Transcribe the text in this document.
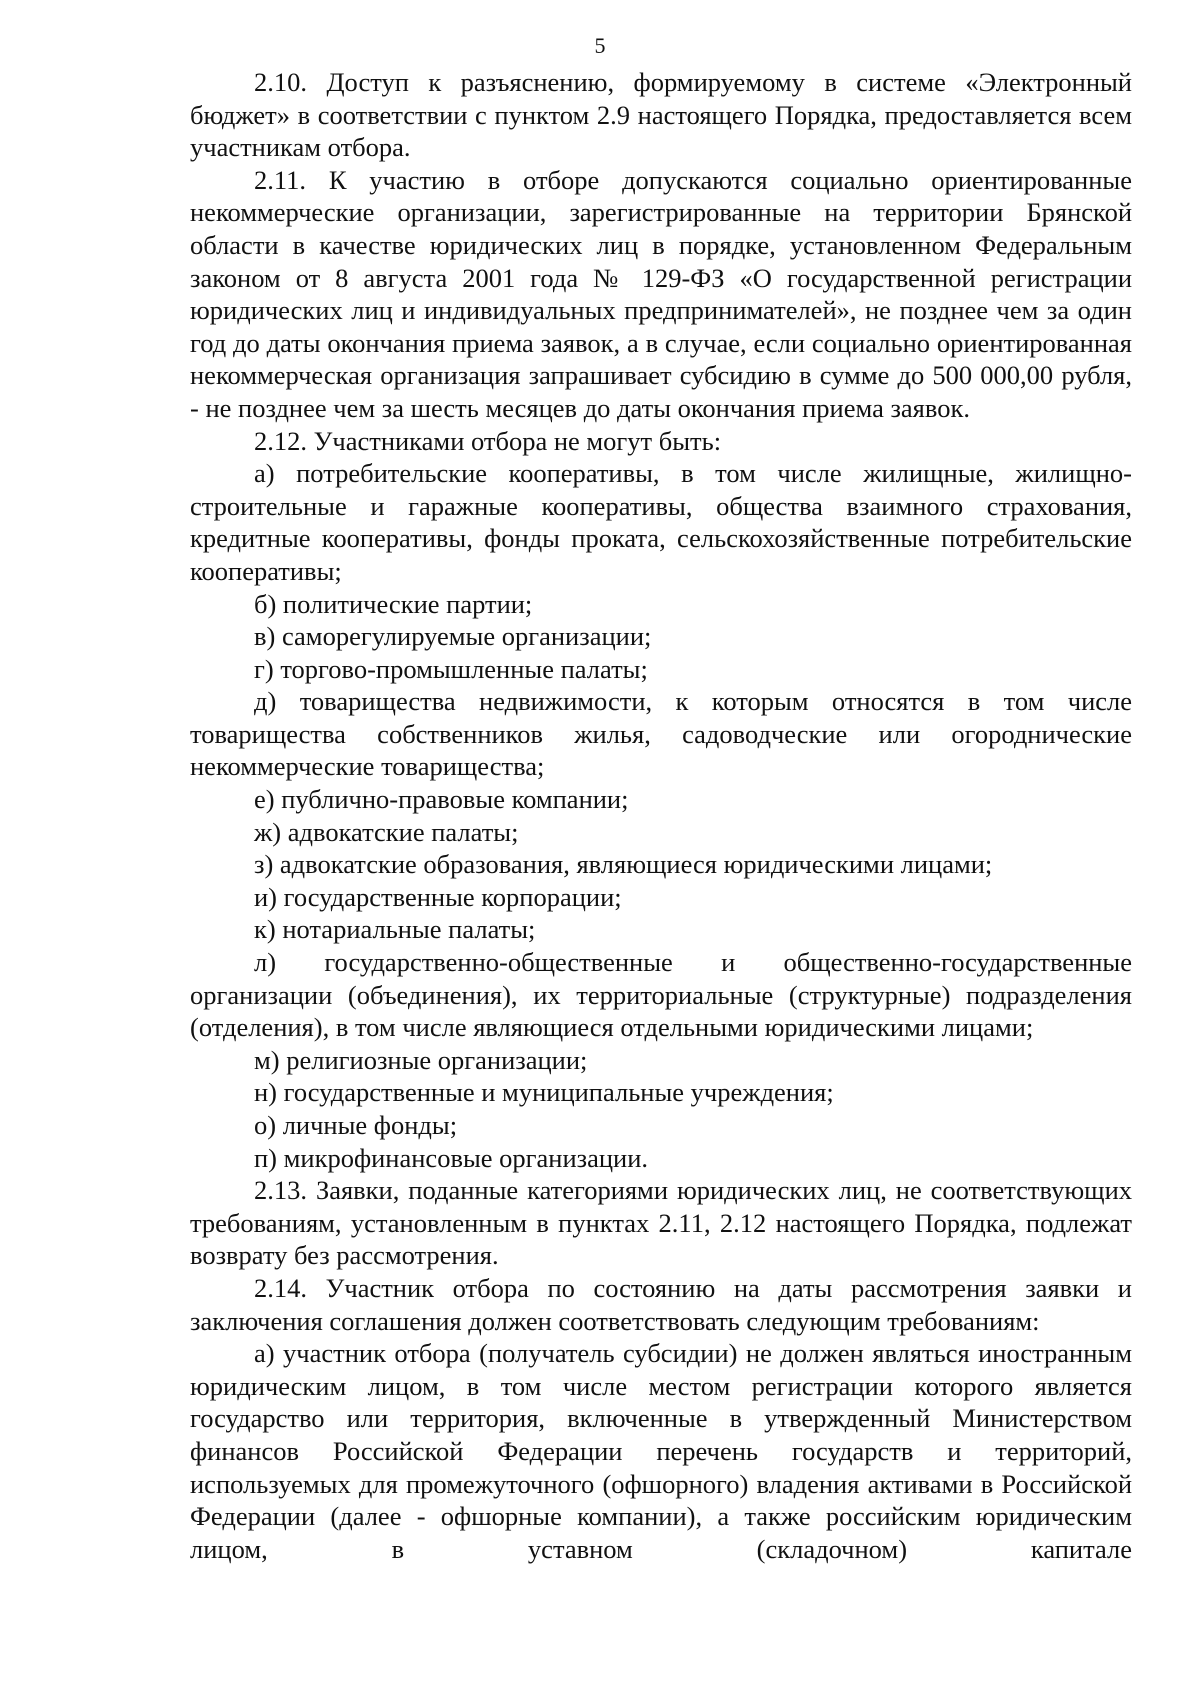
5

2.10. Доступ к разъяснению, формируемому в системе «Электронный бюджет» в соответствии с пунктом 2.9 настоящего Порядка, предоставляется всем участникам отбора.

2.11. К участию в отборе допускаются социально ориентированные некоммерческие организации, зарегистрированные на территории Брянской области в качестве юридических лиц в порядке, установленном Федеральным законом от 8 августа 2001 года № 129-ФЗ «О государственной регистрации юридических лиц и индивидуальных предпринимателей», не позднее чем за один год до даты окончания приема заявок, а в случае, если социально ориентированная некоммерческая организация запрашивает субсидию в сумме до 500 000,00 рубля, - не позднее чем за шесть месяцев до даты окончания приема заявок.

2.12. Участниками отбора не могут быть:

а) потребительские кооперативы, в том числе жилищные, жилищно-строительные и гаражные кооперативы, общества взаимного страхования, кредитные кооперативы, фонды проката, сельскохозяйственные потребительские кооперативы;

б) политические партии;

в) саморегулируемые организации;

г) торгово-промышленные палаты;

д) товарищества недвижимости, к которым относятся в том числе товарищества собственников жилья, садоводческие или огороднические некоммерческие товарищества;

е) публично-правовые компании;

ж) адвокатские палаты;

з) адвокатские образования, являющиеся юридическими лицами;

и) государственные корпорации;

к) нотариальные палаты;

л) государственно-общественные и общественно-государственные организации (объединения), их территориальные (структурные) подразделения (отделения), в том числе являющиеся отдельными юридическими лицами;

м) религиозные организации;

н) государственные и муниципальные учреждения;

о) личные фонды;

п) микрофинансовые организации.

2.13. Заявки, поданные категориями юридических лиц, не соответствующих требованиям, установленным в пунктах 2.11, 2.12 настоящего Порядка, подлежат возврату без рассмотрения.

2.14. Участник отбора по состоянию на даты рассмотрения заявки и заключения соглашения должен соответствовать следующим требованиям:

а) участник отбора (получатель субсидии) не должен являться иностранным юридическим лицом, в том числе местом регистрации которого является государство или территория, включенные в утвержденный Министерством финансов Российской Федерации перечень государств и территорий, используемых для промежуточного (офшорного) владения активами в Российской Федерации (далее - офшорные компании), а также российским юридическим лицом, в уставном (складочном) капитале
